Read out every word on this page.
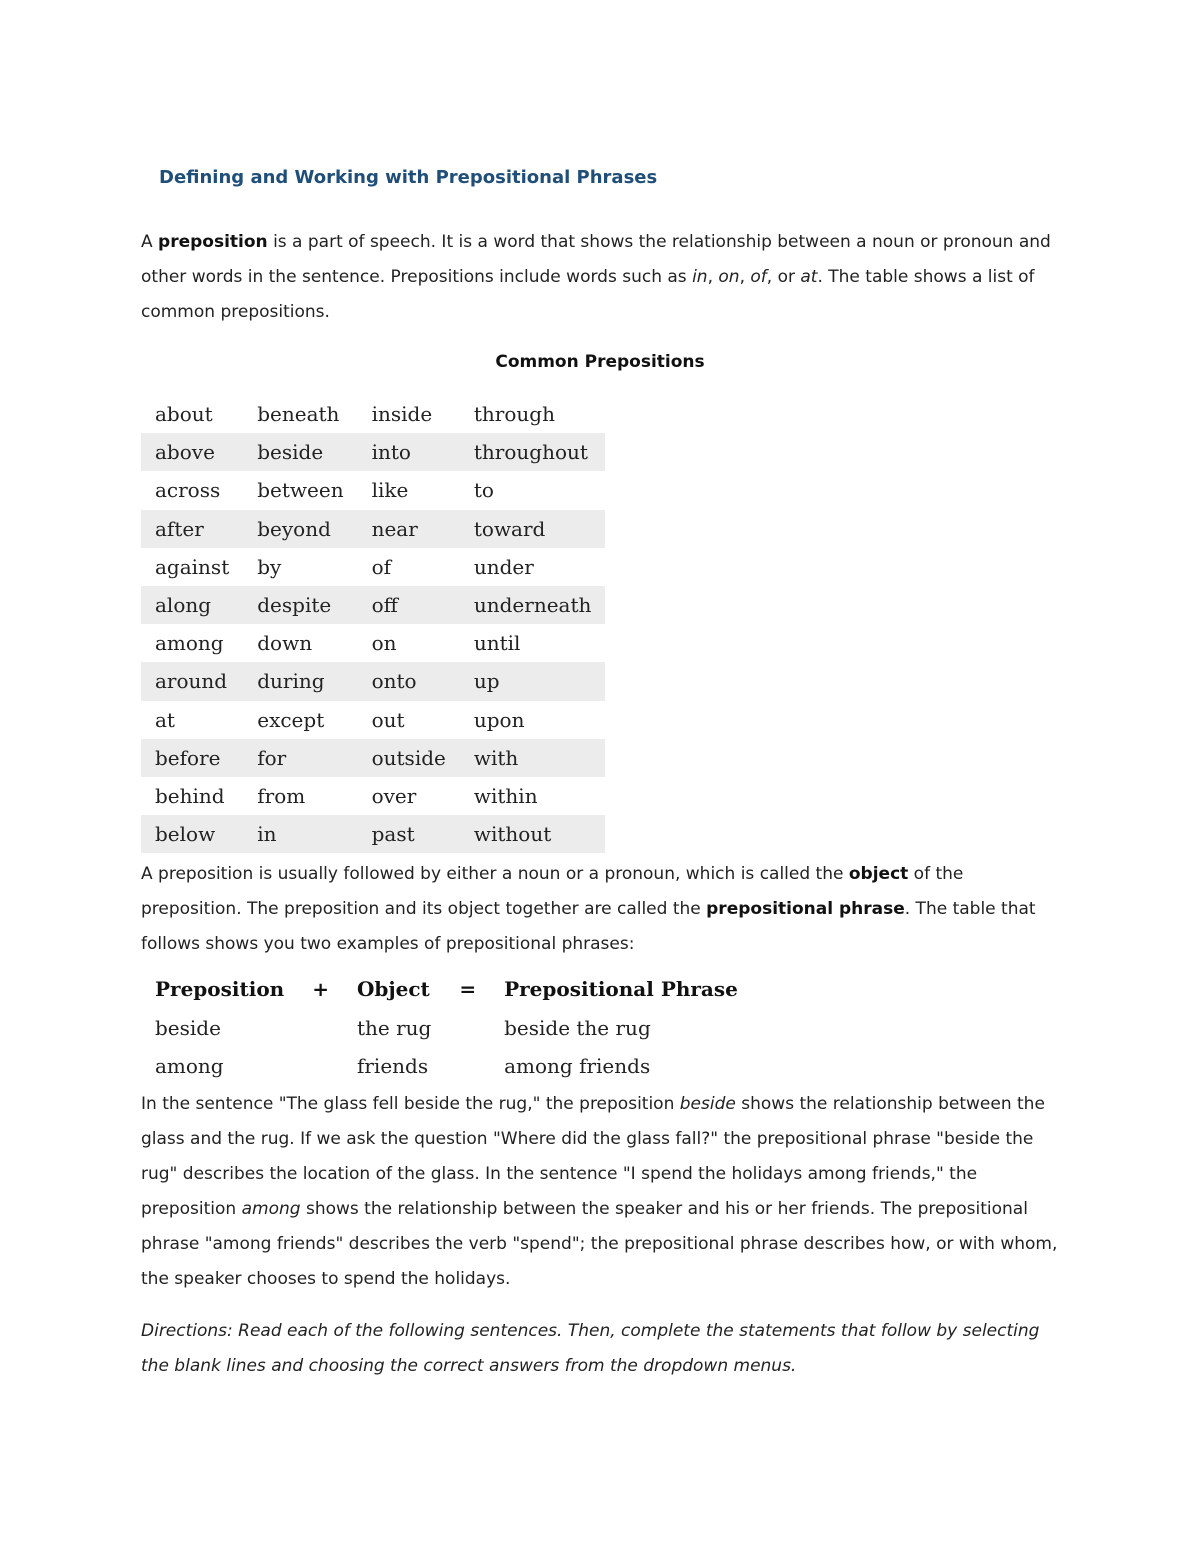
Defining and Working with Prepositional Phrases

A preposition is a part of speech. It is a word that shows the relationship between a noun or pronoun and other words in the sentence. Prepositions include words such as in, on, of, or at. The table shows a list of common prepositions.

Common Prepositions
about	beneath	inside	through
above	beside	into	throughout
across	between	like	to
after	beyond	near	toward
against	by	of	under
along	despite	off	underneath
among	down	on	until
around	during	onto	up
at	except	out	upon
before	for	outside	with
behind	from	over	within
below	in	past	without

A preposition is usually followed by either a noun or a pronoun, which is called the object of the preposition. The preposition and its object together are called the prepositional phrase. The table that follows shows you two examples of prepositional phrases:

Preposition	+	Object	=	Prepositional Phrase
beside		the rug		beside the rug
among		friends		among friends

In the sentence "The glass fell beside the rug," the preposition beside shows the relationship between the glass and the rug. If we ask the question "Where did the glass fall?" the prepositional phrase "beside the rug" describes the location of the glass. In the sentence "I spend the holidays among friends," the preposition among shows the relationship between the speaker and his or her friends. The prepositional phrase "among friends" describes the verb "spend"; the prepositional phrase describes how, or with whom, the speaker chooses to spend the holidays.

Directions: Read each of the following sentences. Then, complete the statements that follow by selecting the blank lines and choosing the correct answers from the dropdown menus.
